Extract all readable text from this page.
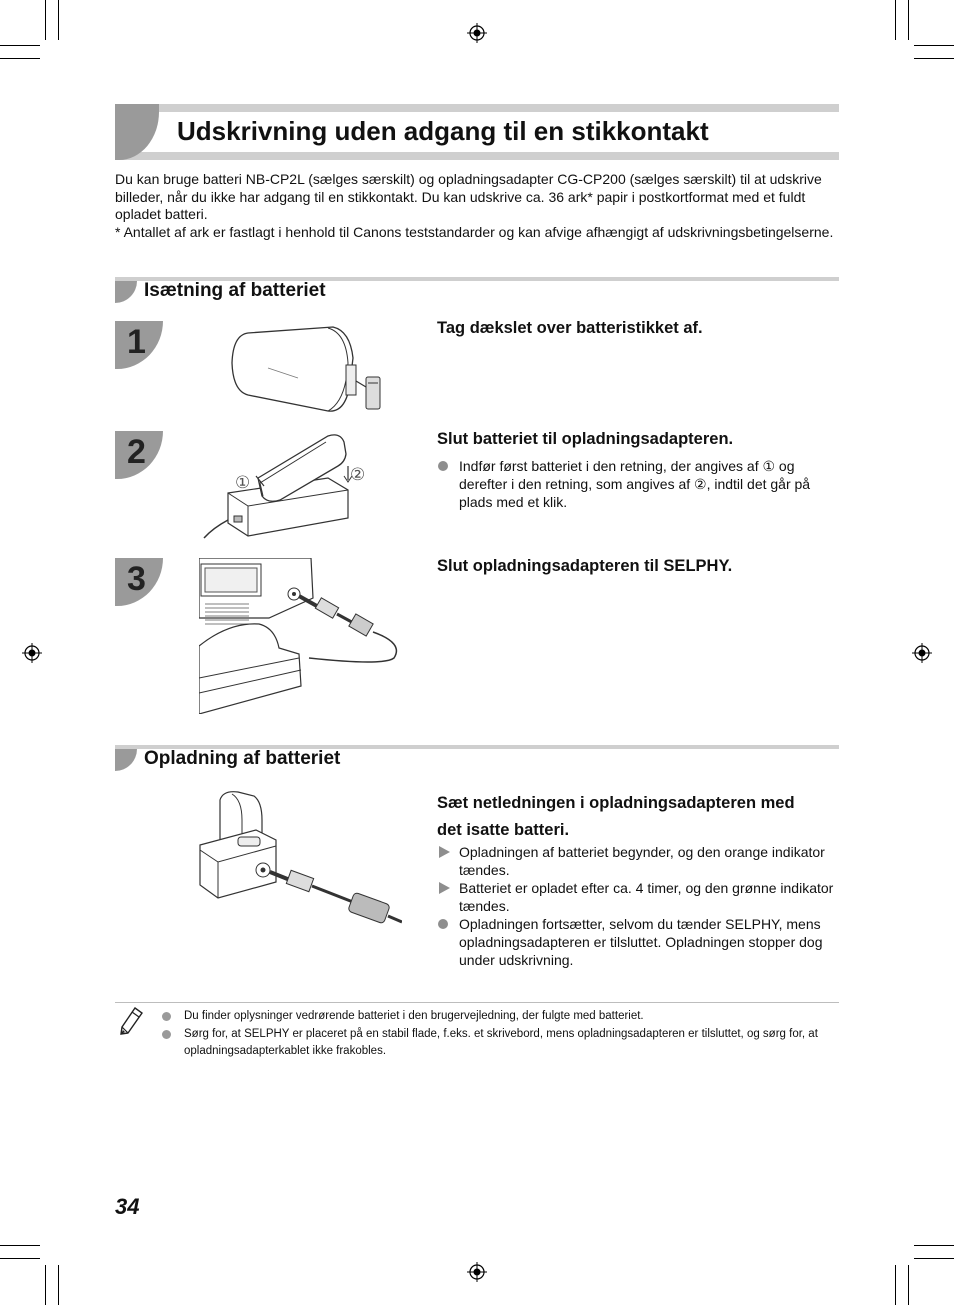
Udskrivning uden adgang til en stikkontakt

Du kan bruge batteri NB-CP2L (sælges særskilt) og opladningsadapter CG-CP200 (sælges særskilt) til at udskrive billeder, når du ikke har adgang til en stikkontakt. Du kan udskrive ca. 36 ark* papir i postkortformat med et fuldt opladet batteri.

* Antallet af ark er fastlagt i henhold til Canons teststandarder og kan afvige afhængigt af udskrivningsbetingelserne.

Isætning af batteriet
1
2
3
①	②
Tag dækslet over batteristikket af.
Slut batteriet til opladningsadapteren.
Indfør først batteriet i den retning, der angives af ① og derefter i den retning, som angives af ②, indtil det går på plads med et klik.
Slut opladningsadapteren til SELPHY.
Opladning af batteriet
Sæt netledningen i opladningsadapteren med
det isatte batteri.
Opladningen af batteriet begynder, og den orange indikator tændes.
Batteriet er opladet efter ca. 4 timer, og den grønne indikator tændes.
Opladningen fortsætter, selvom du tænder SELPHY, mens opladningsadapteren er tilsluttet. Opladningen stopper dog under udskrivning.
Du finder oplysninger vedrørende batteriet i den brugervejledning, der fulgte med batteriet.
Sørg for, at SELPHY er placeret på en stabil flade, f.eks. et skrivebord, mens opladningsadapteren er tilsluttet, og sørg for, at opladningsadapterkablet ikke frakobles.
34
